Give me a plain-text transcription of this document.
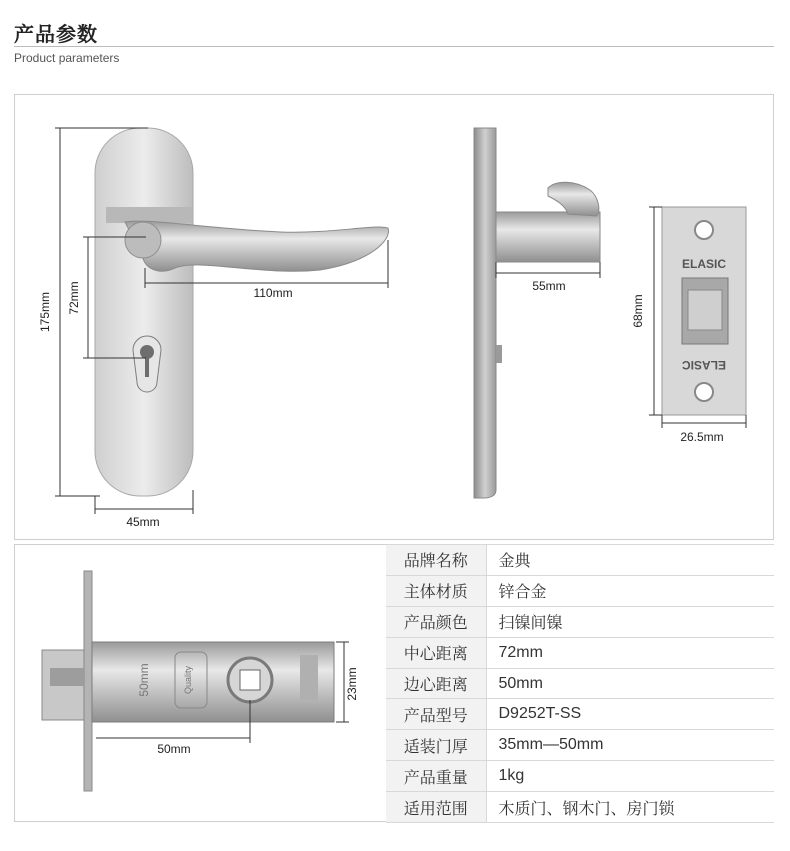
产品参数
Product parameters
ELASIC
ELASIC
50mm	Quality
175mm 72mm	110mm
45mm
55mm
68mm
26.5mm
23mm
50mm
品牌名称	金典
主体材质	锌合金
产品颜色	扫镍间镍
中心距离	72mm
边心距离	50mm
产品型号	D9252T-SS
适装门厚	35mm—50mm
产品重量	1kg
适用范围	木质门、钢木门、房门锁
